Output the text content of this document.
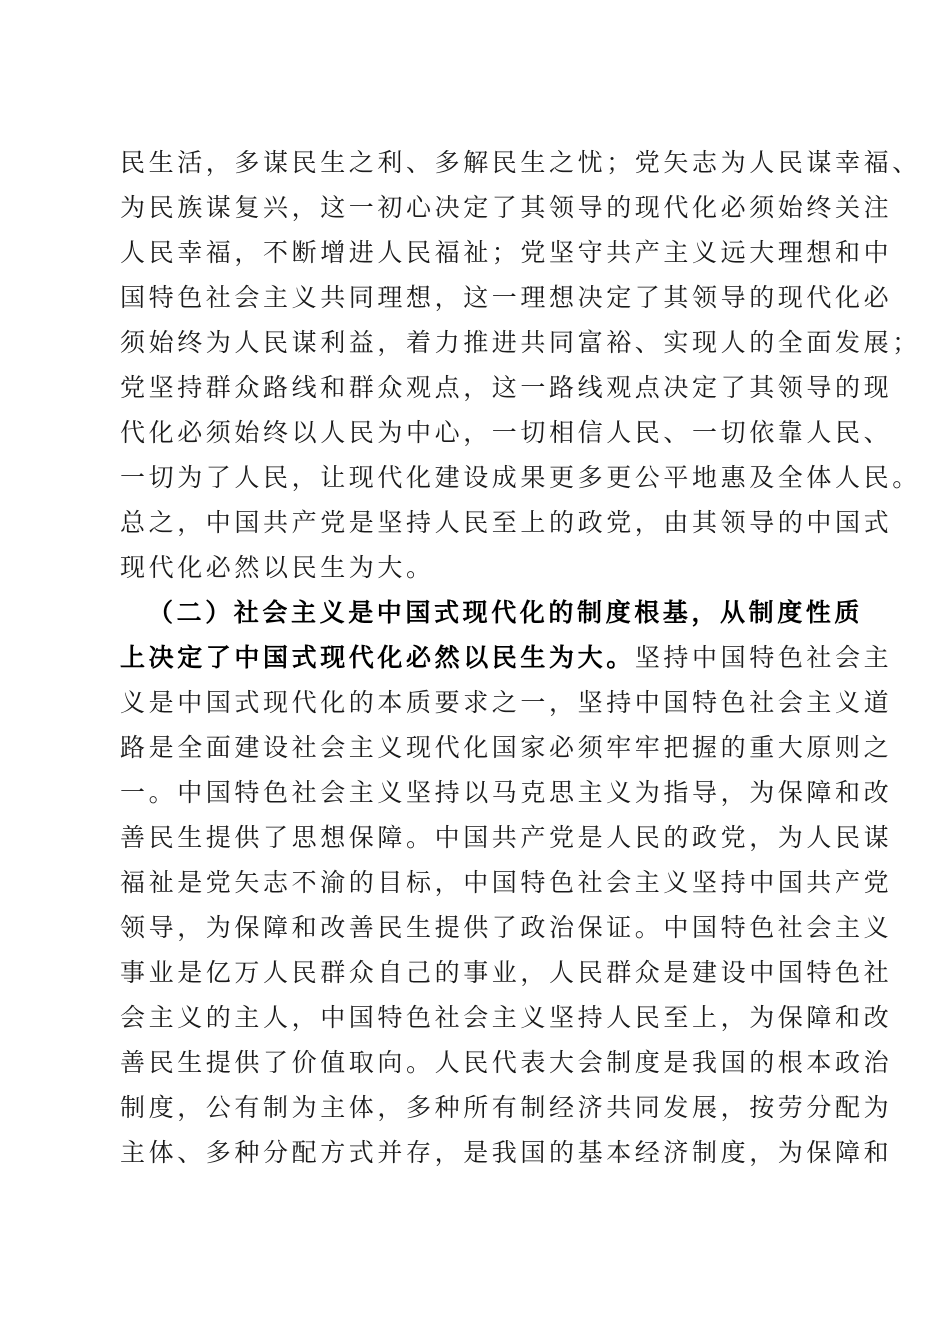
民生活，多谋民生之利、多解民生之忧；党矢志为人民谋幸福、
为民族谋复兴，这一初心决定了其领导的现代化必须始终关注
人民幸福，不断增进人民福祉；党坚守共产主义远大理想和中
国特色社会主义共同理想，这一理想决定了其领导的现代化必
须始终为人民谋利益，着力推进共同富裕、实现人的全面发展；
党坚持群众路线和群众观点，这一路线观点决定了其领导的现
代化必须始终以人民为中心，一切相信人民、一切依靠人民、
一切为了人民，让现代化建设成果更多更公平地惠及全体人民。
总之，中国共产党是坚持人民至上的政党，由其领导的中国式
现代化必然以民生为大。
（二）社会主义是中国式现代化的制度根基，从制度性质
上决定了中国式现代化必然以民生为大。坚持中国特色社会主
义是中国式现代化的本质要求之一，坚持中国特色社会主义道
路是全面建设社会主义现代化国家必须牢牢把握的重大原则之
一。中国特色社会主义坚持以马克思主义为指导，为保障和改
善民生提供了思想保障。中国共产党是人民的政党，为人民谋
福祉是党矢志不渝的目标，中国特色社会主义坚持中国共产党
领导，为保障和改善民生提供了政治保证。中国特色社会主义
事业是亿万人民群众自己的事业，人民群众是建设中国特色社
会主义的主人，中国特色社会主义坚持人民至上，为保障和改
善民生提供了价值取向。人民代表大会制度是我国的根本政治
制度，公有制为主体，多种所有制经济共同发展，按劳分配为
主体、多种分配方式并存，是我国的基本经济制度，为保障和
